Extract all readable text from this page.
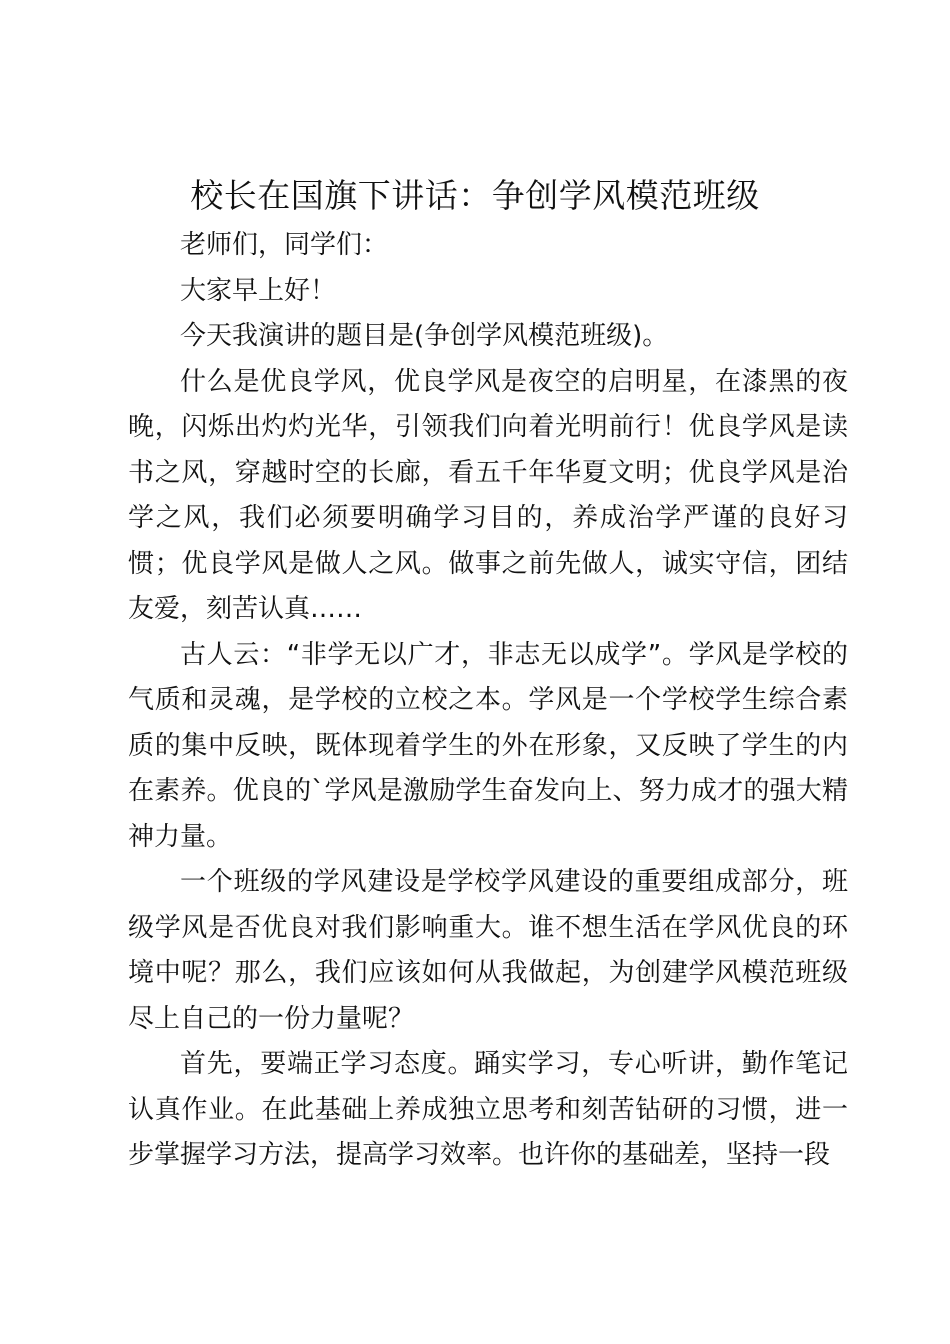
校长在国旗下讲话：争创学风模范班级

老师们，同学们：

大家早上好！

今天我演讲的题目是(争创学风模范班级)。

什么是优良学风，优良学风是夜空的启明星，在漆黑的夜晚，闪烁出灼灼光华，引领我们向着光明前行！优良学风是读书之风，穿越时空的长廊，看五千年华夏文明；优良学风是治学之风，我们必须要明确学习目的，养成治学严谨的良好习惯；优良学风是做人之风。做事之前先做人，诚实守信，团结友爱，刻苦认真……

古人云：“非学无以广才，非志无以成学”。学风是学校的气质和灵魂，是学校的立校之本。学风是一个学校学生综合素质的集中反映，既体现着学生的外在形象，又反映了学生的内在素养。优良的`学风是激励学生奋发向上、努力成才的强大精神力量。

一个班级的学风建设是学校学风建设的重要组成部分，班级学风是否优良对我们影响重大。谁不想生活在学风优良的环境中呢？那么，我们应该如何从我做起，为创建学风模范班级尽上自己的一份力量呢？

首先，要端正学习态度。踊实学习，专心听讲，勤作笔记认真作业。在此基础上养成独立思考和刻苦钻研的习惯，进一步掌握学习方法，提高学习效率。也许你的基础差，坚持一段
